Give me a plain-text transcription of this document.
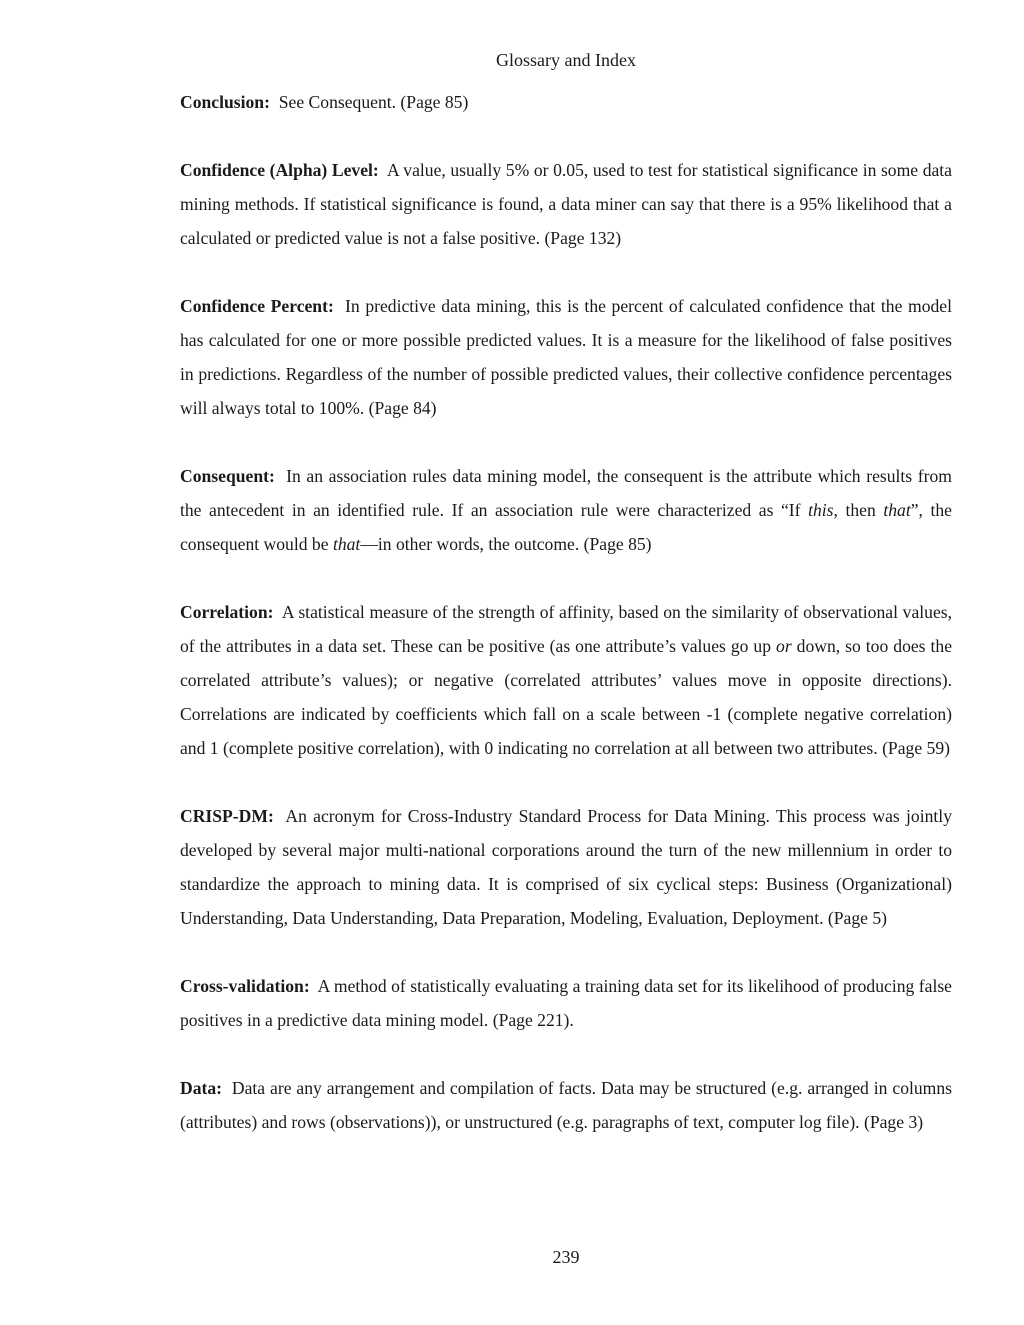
Glossary and Index

Conclusion: See Consequent. (Page 85)

Confidence (Alpha) Level: A value, usually 5% or 0.05, used to test for statistical significance in some data mining methods. If statistical significance is found, a data miner can say that there is a 95% likelihood that a calculated or predicted value is not a false positive. (Page 132)

Confidence Percent: In predictive data mining, this is the percent of calculated confidence that the model has calculated for one or more possible predicted values. It is a measure for the likelihood of false positives in predictions. Regardless of the number of possible predicted values, their collective confidence percentages will always total to 100%. (Page 84)

Consequent: In an association rules data mining model, the consequent is the attribute which results from the antecedent in an identified rule. If an association rule were characterized as “If this, then that”, the consequent would be that—in other words, the outcome. (Page 85)

Correlation: A statistical measure of the strength of affinity, based on the similarity of observational values, of the attributes in a data set. These can be positive (as one attribute’s values go up or down, so too does the correlated attribute’s values); or negative (correlated attributes’ values move in opposite directions). Correlations are indicated by coefficients which fall on a scale between -1 (complete negative correlation) and 1 (complete positive correlation), with 0 indicating no correlation at all between two attributes. (Page 59)

CRISP-DM: An acronym for Cross-Industry Standard Process for Data Mining. This process was jointly developed by several major multi-national corporations around the turn of the new millennium in order to standardize the approach to mining data. It is comprised of six cyclical steps: Business (Organizational) Understanding, Data Understanding, Data Preparation, Modeling, Evaluation, Deployment. (Page 5)

Cross-validation: A method of statistically evaluating a training data set for its likelihood of producing false positives in a predictive data mining model. (Page 221).

Data: Data are any arrangement and compilation of facts. Data may be structured (e.g. arranged in columns (attributes) and rows (observations)), or unstructured (e.g. paragraphs of text, computer log file). (Page 3)

239
